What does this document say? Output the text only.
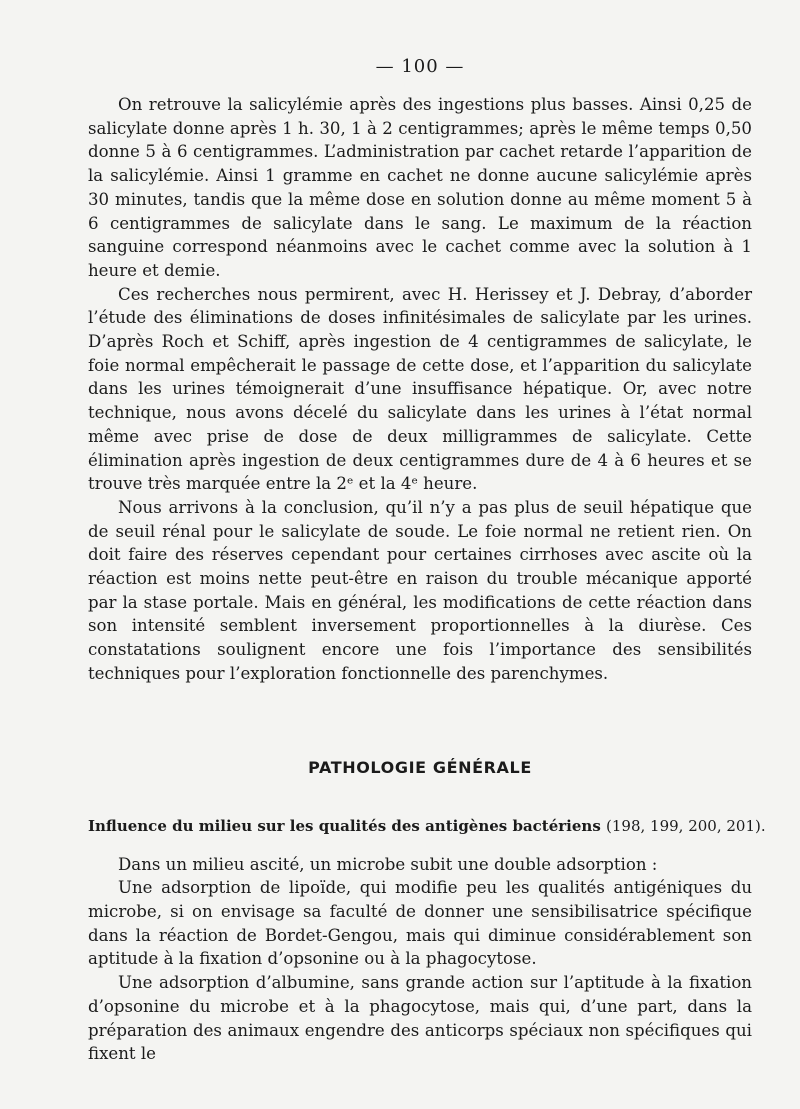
— 100 —

On retrouve la salicylémie après des ingestions plus basses. Ainsi 0,25 de salicylate donne après 1 h. 30, 1 à 2 centigrammes; après le même temps 0,50 donne 5 à 6 centigrammes. L’administration par cachet retarde l’apparition de la salicylémie. Ainsi 1 gramme en cachet ne donne aucune salicylémie après 30 minutes, tandis que la même dose en solution donne au même moment 5 à 6 centigrammes de salicylate dans le sang. Le maximum de la réaction sanguine correspond néanmoins avec le cachet comme avec la solution à 1 heure et demie.

Ces recherches nous permirent, avec H. Herissey et J. Debray, d’aborder l’étude des éliminations de doses infinitésimales de salicylate par les urines. D’après Roch et Schiff, après ingestion de 4 centigrammes de salicylate, le foie normal empêcherait le passage de cette dose, et l’apparition du salicylate dans les urines témoignerait d’une insuffisance hépatique. Or, avec notre technique, nous avons décelé du salicylate dans les urines à l’état normal même avec prise de dose de deux milligrammes de salicylate. Cette élimination après ingestion de deux centigrammes dure de 4 à 6 heures et se trouve très marquée entre la 2ᵉ et la 4ᵉ heure.

Nous arrivons à la conclusion, qu’il n’y a pas plus de seuil hépatique que de seuil rénal pour le salicylate de soude. Le foie normal ne retient rien. On doit faire des réserves cependant pour certaines cirrhoses avec ascite où la réaction est moins nette peut-être en raison du trouble mécanique apporté par la stase portale. Mais en général, les modifications de cette réaction dans son intensité semblent inversement proportionnelles à la diurèse. Ces constatations soulignent encore une fois l’importance des sensibilités techniques pour l’exploration fonctionnelle des parenchymes.

PATHOLOGIE GÉNÉRALE
Influence du milieu sur les qualités des antigènes bactériens (198, 199, 200, 201).

Dans un milieu ascité, un microbe subit une double adsorption :

Une adsorption de lipoïde, qui modifie peu les qualités antigéniques du microbe, si on envisage sa faculté de donner une sensibilisatrice spécifique dans la réaction de Bordet-Gengou, mais qui diminue considérablement son aptitude à la fixation d’opsonine ou à la phagocytose.

Une adsorption d’albumine, sans grande action sur l’aptitude à la fixation d’opsonine du microbe et à la phagocytose, mais qui, d’une part, dans la préparation des animaux engendre des anticorps spéciaux non spécifiques qui fixent le
